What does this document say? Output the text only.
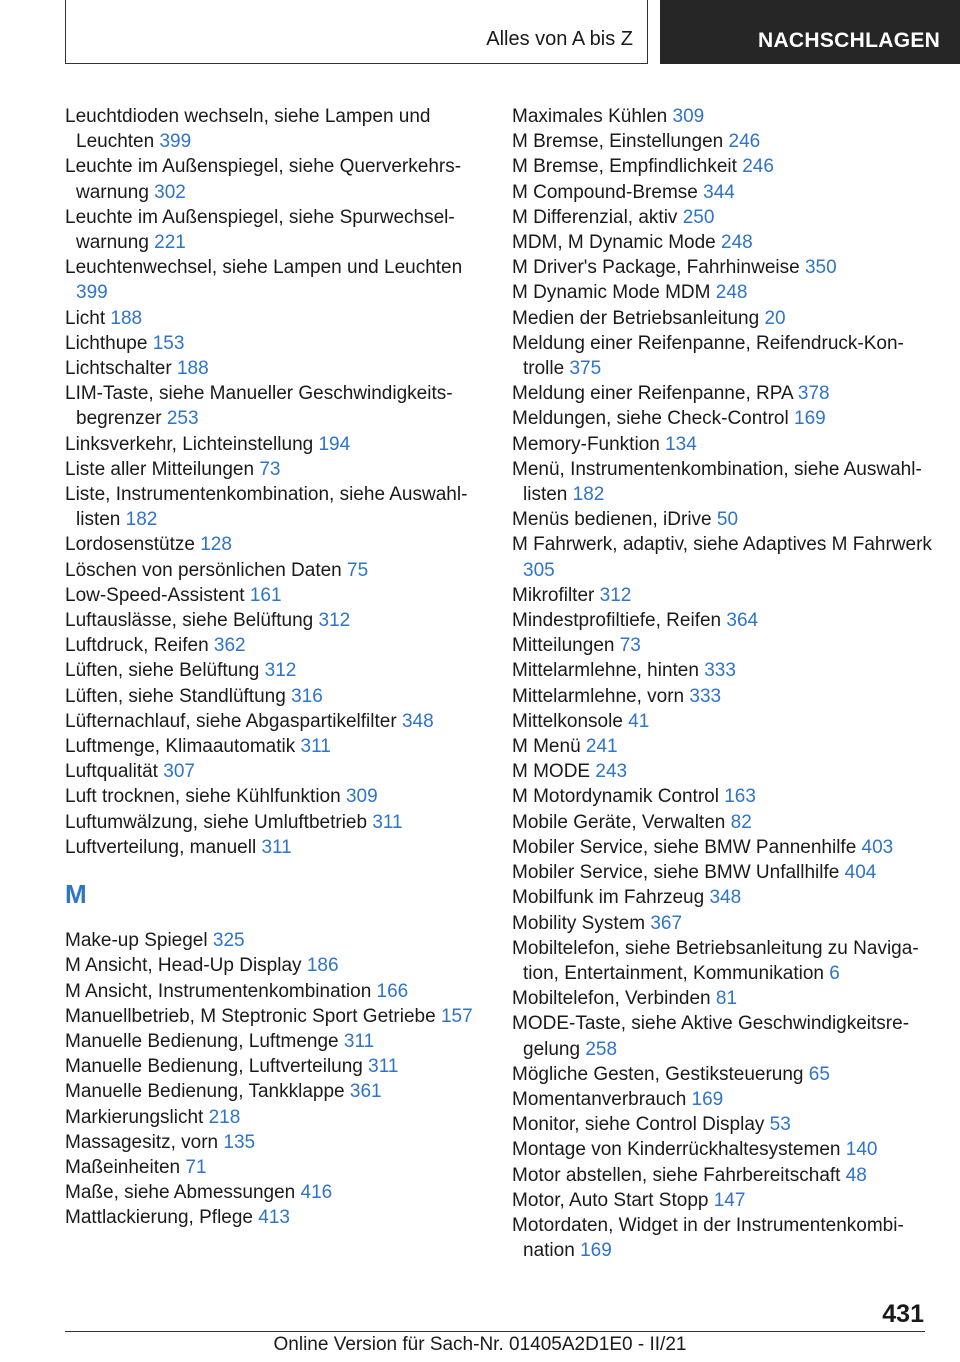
Alles von A bis Z	NACHSCHLAGEN
Leuchtdioden wechseln, siehe Lampen und Leuchten 399
Leuchte im Außenspiegel, siehe Querverkehrswarnung 302
Leuchte im Außenspiegel, siehe Spurwechselwarnung 221
Leuchtenwechsel, siehe Lampen und Leuchten 399
Licht 188
Lichthupe 153
Lichtschalter 188
LIM-Taste, siehe Manueller Geschwindigkeitsbegrenzer 253
Linksverkehr, Lichteinstellung 194
Liste aller Mitteilungen 73
Liste, Instrumentenkombination, siehe Auswahllisten 182
Lordosenstütze 128
Löschen von persönlichen Daten 75
Low-Speed-Assistent 161
Luftauslässe, siehe Belüftung 312
Luftdruck, Reifen 362
Lüften, siehe Belüftung 312
Lüften, siehe Standlüftung 316
Lüfternachlauf, siehe Abgaspartikelfilter 348
Luftmenge, Klimaautomatik 311
Luftqualität 307
Luft trocknen, siehe Kühlfunktion 309
Luftumwälzung, siehe Umluftbetrieb 311
Luftverteilung, manuell 311
M
Make-up Spiegel 325
M Ansicht, Head-Up Display 186
M Ansicht, Instrumentenkombination 166
Manuellbetrieb, M Steptronic Sport Getriebe 157
Manuelle Bedienung, Luftmenge 311
Manuelle Bedienung, Luftverteilung 311
Manuelle Bedienung, Tankklappe 361
Markierungslicht 218
Massagesitz, vorn 135
Maßeinheiten 71
Maße, siehe Abmessungen 416
Mattlackierung, Pflege 413
Maximales Kühlen 309
M Bremse, Einstellungen 246
M Bremse, Empfindlichkeit 246
M Compound-Bremse 344
M Differenzial, aktiv 250
MDM, M Dynamic Mode 248
M Driver's Package, Fahrhinweise 350
M Dynamic Mode MDM 248
Medien der Betriebsanleitung 20
Meldung einer Reifenpanne, Reifendruck-Kontrolle 375
Meldung einer Reifenpanne, RPA 378
Meldungen, siehe Check-Control 169
Memory-Funktion 134
Menü, Instrumentenkombination, siehe Auswahllisten 182
Menüs bedienen, iDrive 50
M Fahrwerk, adaptiv, siehe Adaptives M Fahrwerk 305
Mikrofilter 312
Mindestprofiltiefe, Reifen 364
Mitteilungen 73
Mittelarmlehne, hinten 333
Mittelarmlehne, vorn 333
Mittelkonsole 41
M Menü 241
M MODE 243
M Motordynamik Control 163
Mobile Geräte, Verwalten 82
Mobiler Service, siehe BMW Pannenhilfe 403
Mobiler Service, siehe BMW Unfallhilfe 404
Mobilfunk im Fahrzeug 348
Mobility System 367
Mobiltelefon, siehe Betriebsanleitung zu Navigation, Entertainment, Kommunikation 6
Mobiltelefon, Verbinden 81
MODE-Taste, siehe Aktive Geschwindigkeitsregelung 258
Mögliche Gesten, Gestiksteuerung 65
Momentanverbrauch 169
Monitor, siehe Control Display 53
Montage von Kinderrückhaltesystemen 140
Motor abstellen, siehe Fahrbereitschaft 48
Motor, Auto Start Stopp 147
Motordaten, Widget in der Instrumentenkombination 169
431
Online Version für Sach-Nr. 01405A2D1E0 - II/21
